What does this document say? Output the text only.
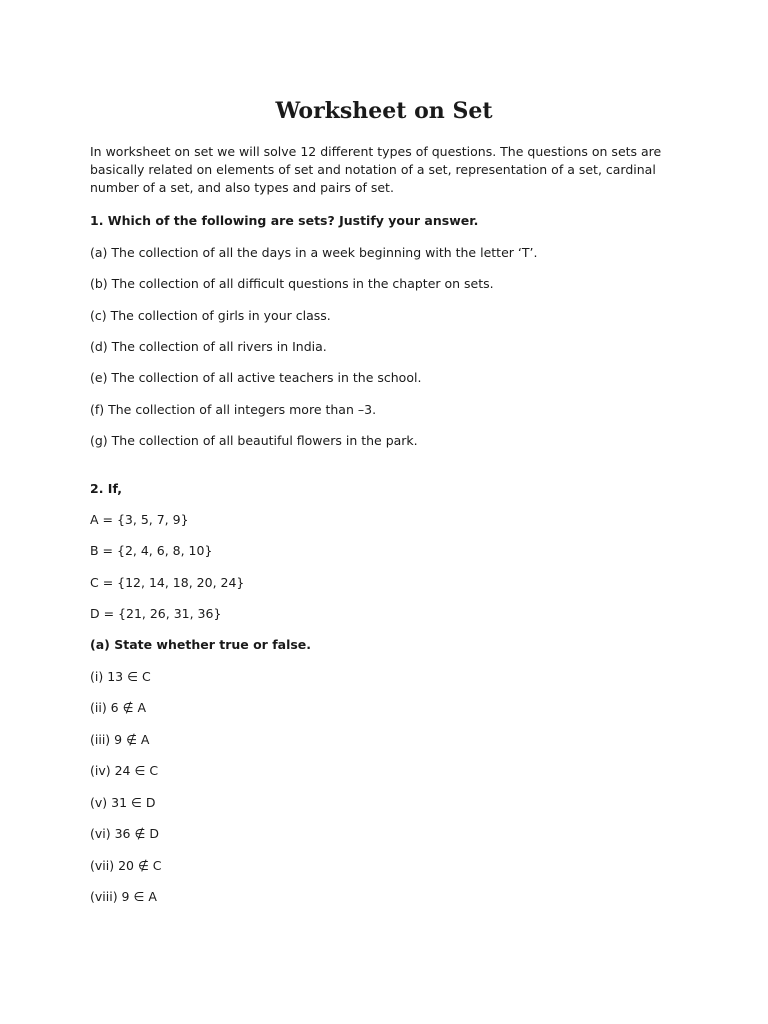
Worksheet on Set
In worksheet on set we will solve 12 different types of questions. The questions on sets are basically related on elements of set and notation of a set, representation of a set, cardinal number of a set, and also types and pairs of set.
1. Which of the following are sets? Justify your answer.
(a) The collection of all the days in a week beginning with the letter ‘T’.
(b) The collection of all difficult questions in the chapter on sets.
(c) The collection of girls in your class.
(d) The collection of all rivers in India.
(e) The collection of all active teachers in the school.
(f) The collection of all integers more than –3.
(g) The collection of all beautiful flowers in the park.
2. If,
A = {3, 5, 7, 9}
B = {2, 4, 6, 8, 10}
C = {12, 14, 18, 20, 24}
D = {21, 26, 31, 36}
(a) State whether true or false.
(i) 13 ∈ C
(ii) 6 ∉ A
(iii) 9 ∉ A
(iv) 24 ∈ C
(v) 31 ∈ D
(vi) 36 ∉ D
(vii) 20 ∉ C
(viii) 9 ∈ A
